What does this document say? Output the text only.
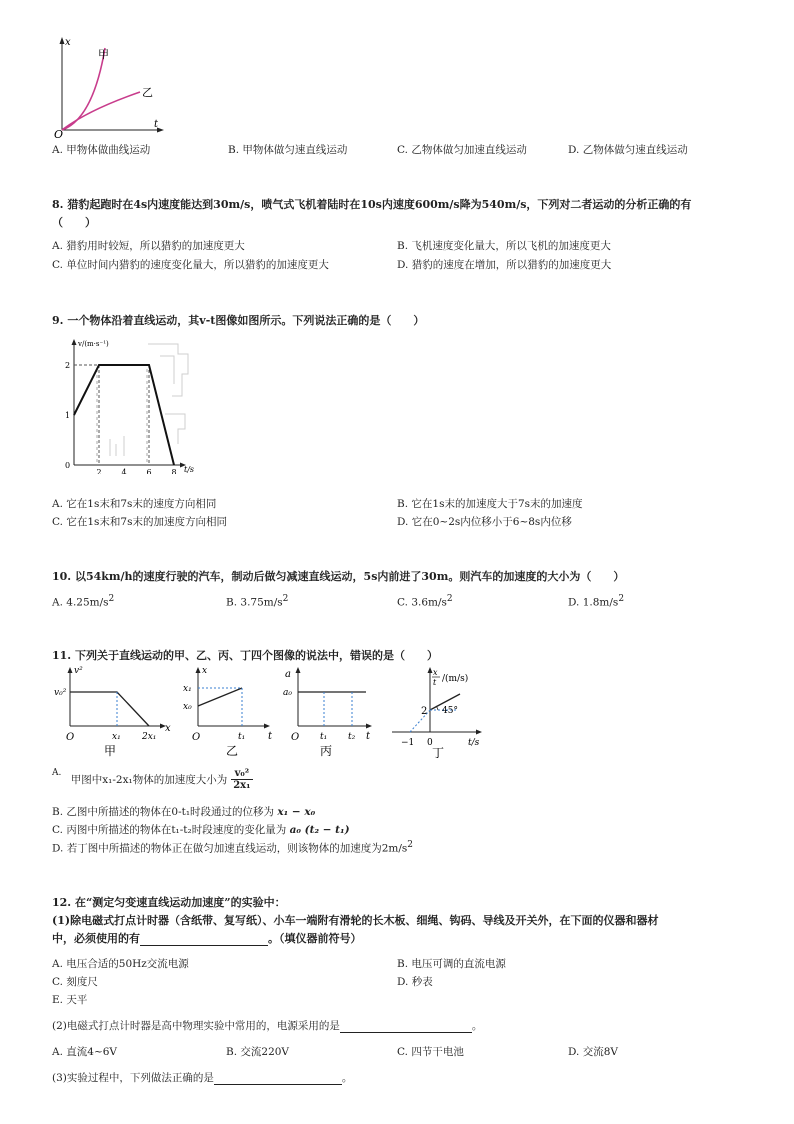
x
t
O
甲
乙
A. 甲物体做曲线运动	B. 甲物体做匀速直线运动	C. 乙物体做匀加速直线运动	D. 乙物体做匀速直线运动
8. 猎豹起跑时在4s内速度能达到30m/s，喷气式飞机着陆时在10s内速度600m/s降为540m/s，下列对二者运动的分析正确的有
（　　）
A. 猎豹用时较短，所以猎豹的加速度更大	B. 飞机速度变化量大，所以飞机的加速度更大
C. 单位时间内猎豹的速度变化量大，所以猎豹的加速度更大	D. 猎豹的速度在增加，所以猎豹的加速度更大
9. 一个物体沿着直线运动，其v-t图像如图所示。下列说法正确的是（　　）
2
1
0
2 4 6 8
v/(m·s⁻¹)
t/s
A. 它在1s末和7s末的速度方向相同	B. 它在1s末的加速度大于7s末的加速度
C. 它在1s末和7s末的加速度方向相同	D. 它在0~2s内位移小于6~8s内位移
10. 以54km/h的速度行驶的汽车，制动后做匀减速直线运动，5s内前进了30m。则汽车的加速度的大小为（　　）
A. $4.25m/s^2$	B. $3.75m/s^2$	C. $3.6m/s^2$	D. $1.8m/s^2$
11. 下列关于直线运动的甲、乙、丙、丁四个图像的说法中，错误的是（　　）
v²
v₀²
x
O	x₁ 2x₁
甲
x
x₁
x₀
O	t₁ t
乙
a
a₀
O t₁ t₂ t
丙
x
t /(m/s)
2 45°
−1 0	t/s
丁
A. 甲图中x₁-2x₁物体的加速度大小为 $\frac{\text{v₀²}}{\text{2x₁}}$
B. 乙图中所描述的物体在0-t₁时段通过的位移为 x₁ − x₀
C. 丙图中所描述的物体在t₁-t₂时段速度的变化量为 a₀ (t₂ − t₁)
D. 若丁图中所描述的物体正在做匀加速直线运动，则该物体的加速度为$2m/s^2$
12. 在“测定匀变速直线运动加速度”的实验中：
(1)除电磁式打点计时器（含纸带、复写纸）、小车一端附有滑轮的长木板、细绳、钩码、导线及开关外，在下面的仪器和器材
中，必须使用的有	。（填仪器前符号）
A. 电压合适的50Hz交流电源	B. 电压可调的直流电源
C. 刻度尺	D. 秒表
E. 天平
(2)电磁式打点计时器是高中物理实验中常用的，电源采用的是	。
A. 直流4~6V	B. 交流220V	C. 四节干电池	D. 交流8V
(3)实验过程中，下列做法正确的是	。
